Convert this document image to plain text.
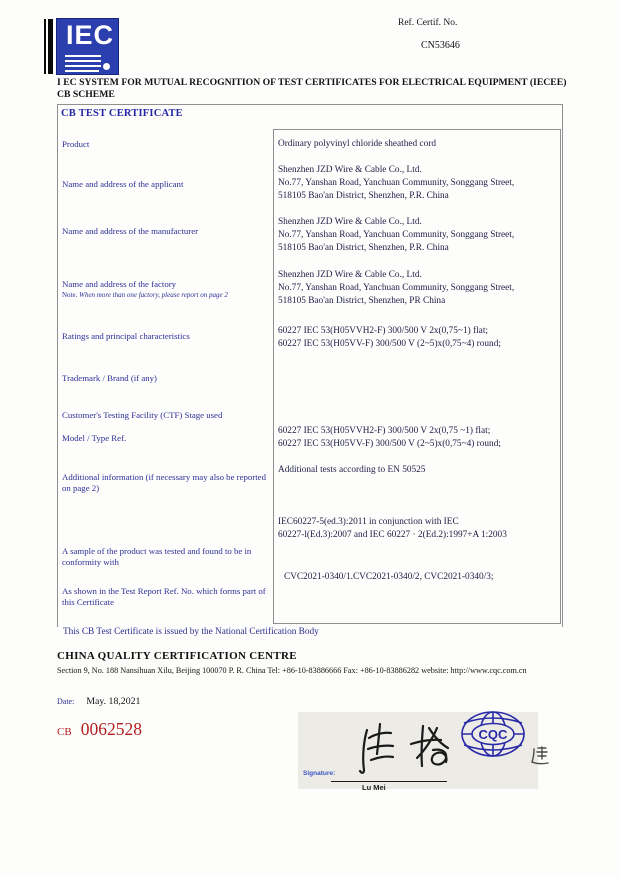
IEC	Ref. Certif. No.
CN53646
I EC SYSTEM FOR MUTUAL RECOGNITION OF TEST CERTIFICATES FOR ELECTRICAL EQUIPMENT (IECEE) CB SCHEME
CB TEST CERTIFICATE
Product
Name and address of the applicant
Name and address of the manufacturer
Name and address of the factory
Note. When more than one factory, please report on page 2
Ratings and principal characteristics
Trademark / Brand (if any)
Customer's Testing Facility (CTF) Stage used
Model / Type Ref.
Additional information (if necessary may also be reported on page 2)
A sample of the product was tested and found to be in conformity with
As shown in the Test Report Ref. No. which forms part of this Certificate
Ordinary polyvinyl chloride sheathed cord
Shenzhen JZD Wire & Cable Co., Ltd.
No.77, Yanshan Road, Yanchuan Community, Songgang Street,
518105 Bao'an District, Shenzhen, P.R. China
Shenzhen JZD Wire & Cable Co., Ltd.
No.77, Yanshan Road, Yanchuan Community, Songgang Street,
518105 Bao'an District, Shenzhen, P.R. China
Shenzhen JZD Wire & Cable Co., Ltd.
No.77, Yanshan Road, Yanchuan Community, Songgang Street,
518105 Bao'an District, Shenzhen, PR China
60227 IEC 53(H05VVH2-F) 300/500 V 2x(0,75~1) flat;
60227 IEC 53(H05VV-F) 300/500 V (2~5)x(0,75~4) round;
60227 IEC 53(H05VVH2-F) 300/500 V 2x(0,75 ~1) flat;
60227 IEC 53(H05VV-F) 300/500 V (2~5)x(0,75~4) round;
Additional tests according to EN 50525
IEC60227-5(ed.3):2011 in conjunction with IEC
60227-l(Ed.3):2007 and IEC 60227 · 2(Ed.2):1997+A 1:2003
CVC2021-0340/1.CVC2021-0340/2, CVC2021-0340/3;
This CB Test Certificate is issued by the National Certification Body
CHINA QUALITY CERTIFICATION CENTRE
Section 9, No. 188 Nansihuan Xilu, Beijing 100070 P. R. China Tel: +86-10-83886666 Fax: +86-10-83886282 website: http://www.cqc.com.cn
Date: May. 18,2021
CB 0062528
Signature:
Lu Mei
CQC
